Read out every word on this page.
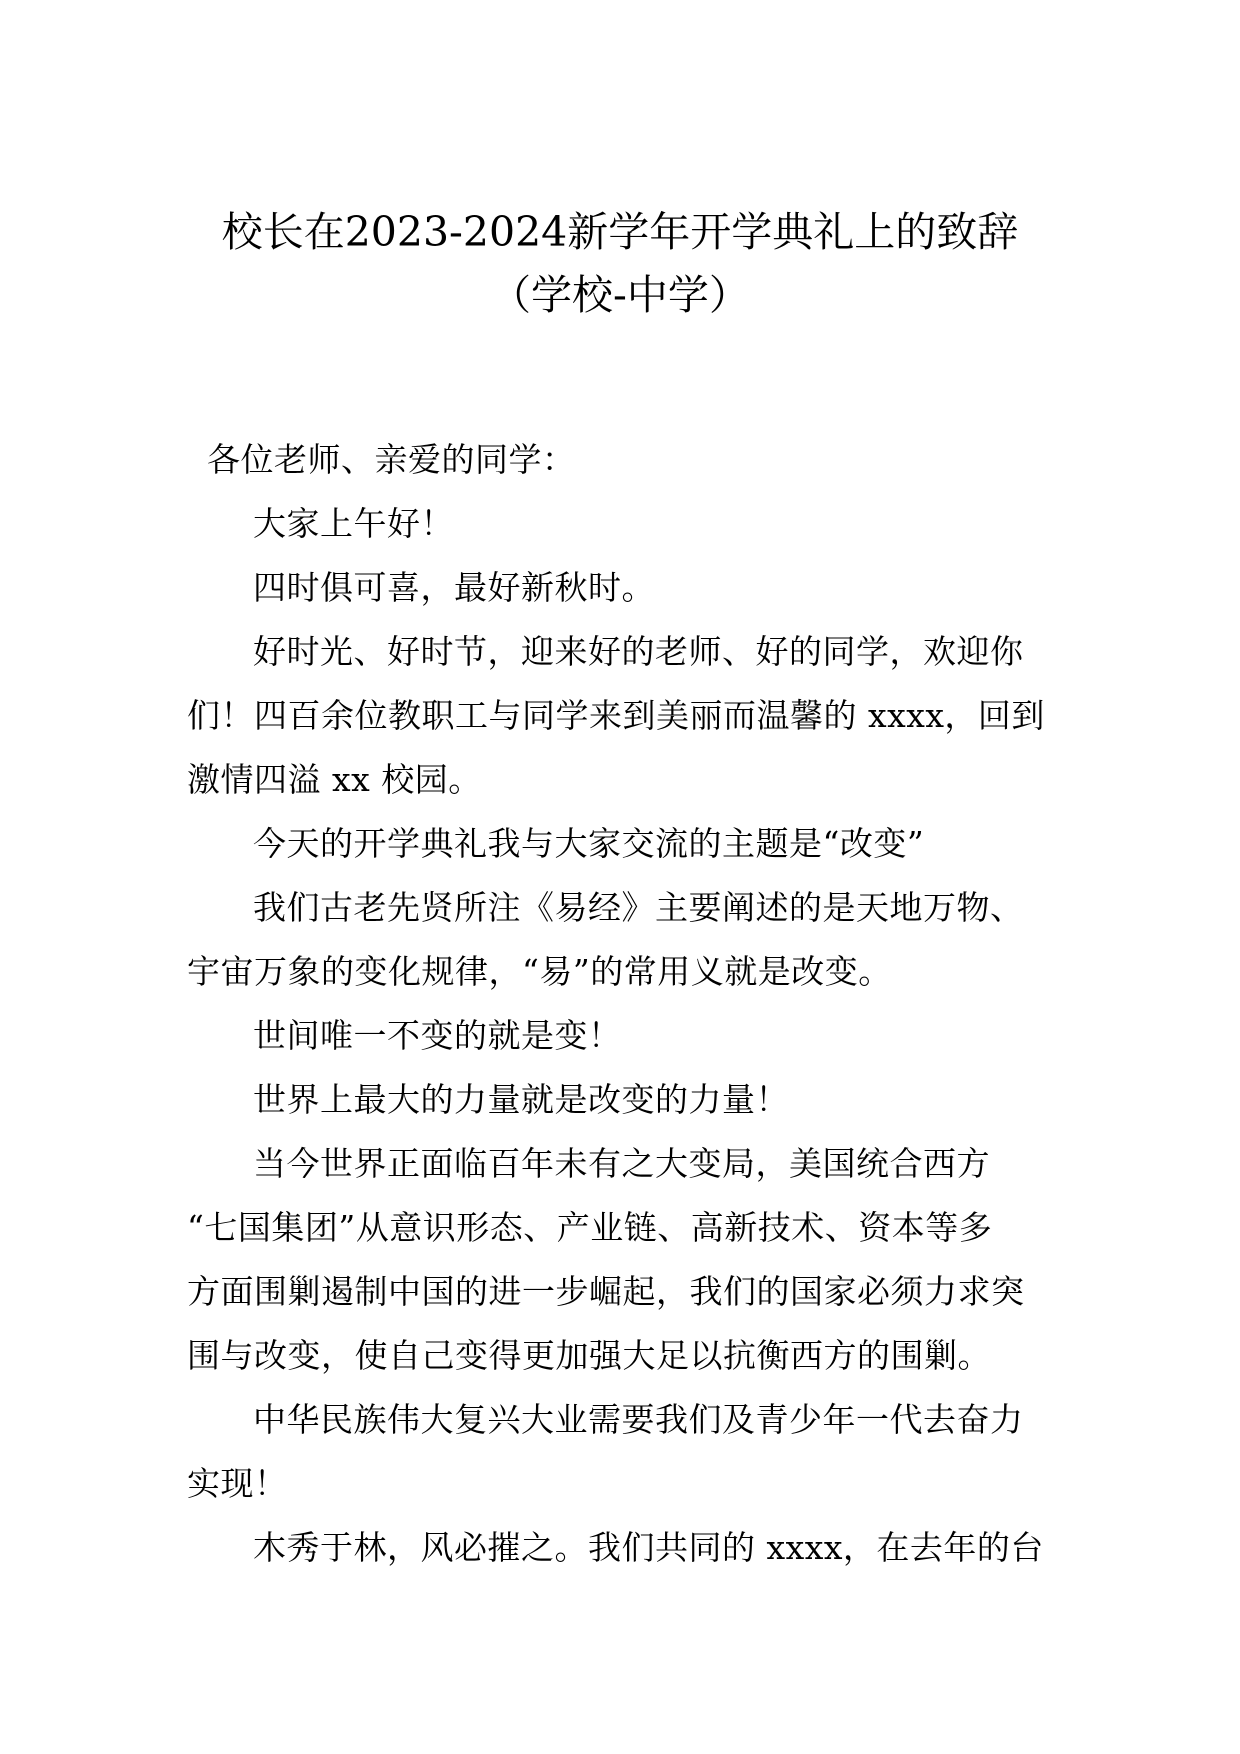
校长在2023-2024新学年开学典礼上的致辞
（学校-中学）

各位老师、亲爱的同学：

大家上午好！

四时俱可喜，最好新秋时。

好时光、好时节，迎来好的老师、好的同学，欢迎你

们！四百余位教职工与同学来到美丽而温馨的 xxxx，回到

激情四溢 xx 校园。

今天的开学典礼我与大家交流的主题是“改变”

我们古老先贤所注《易经》主要阐述的是天地万物、

宇宙万象的变化规律，“易”的常用义就是改变。

世间唯一不变的就是变！

世界上最大的力量就是改变的力量！

当今世界正面临百年未有之大变局，美国统合西方

“七国集团”从意识形态、产业链、高新技术、资本等多

方面围剿遏制中国的进一步崛起，我们的国家必须力求突

围与改变，使自己变得更加强大足以抗衡西方的围剿。

中华民族伟大复兴大业需要我们及青少年一代去奋力

实现！

木秀于林，风必摧之。我们共同的 xxxx，在去年的台
